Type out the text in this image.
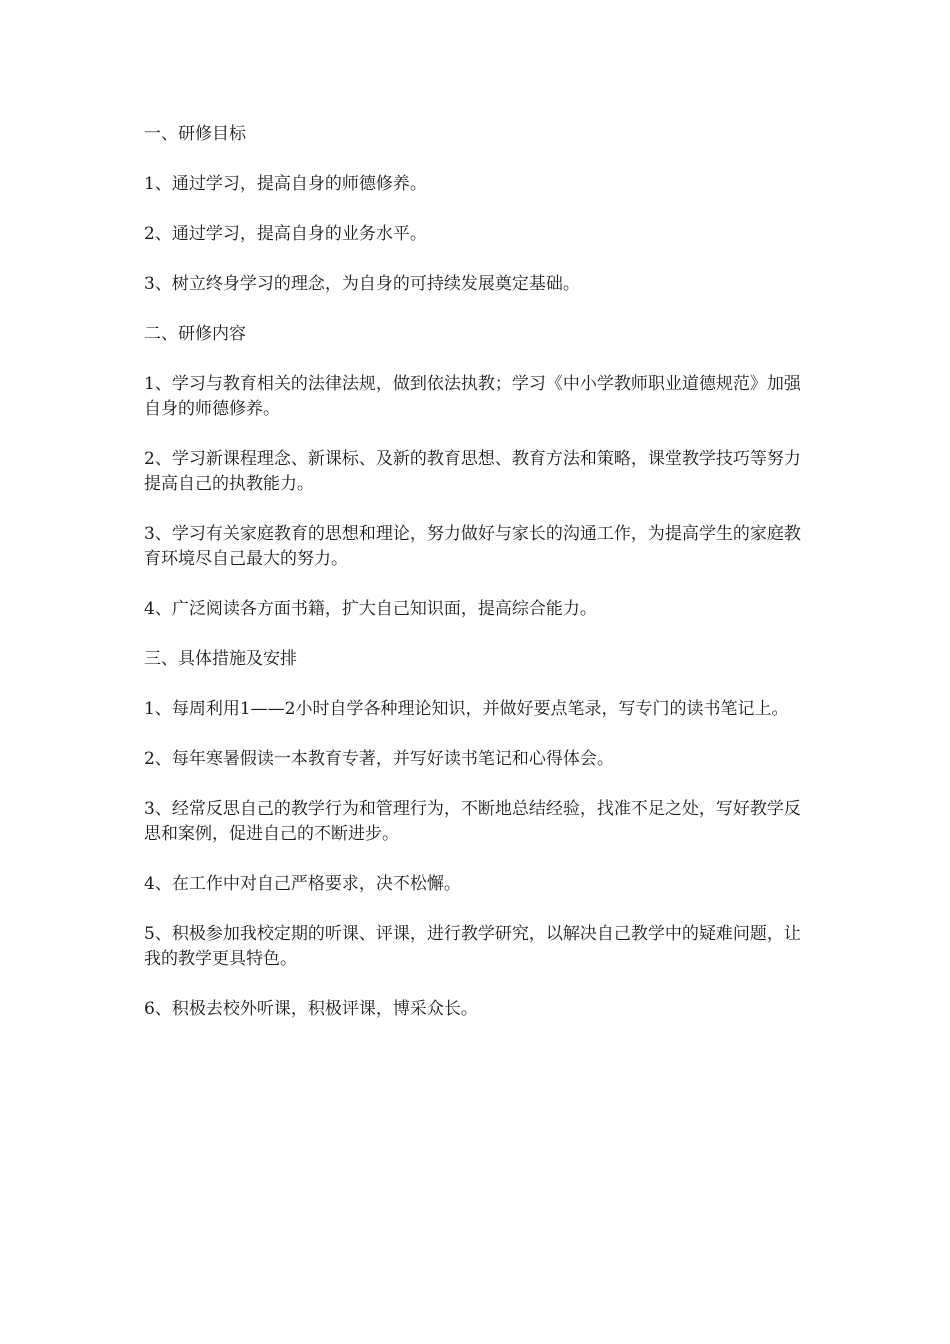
一、研修目标

1、通过学习，提高自身的师德修养。

2、通过学习，提高自身的业务水平。

3、树立终身学习的理念，为自身的可持续发展奠定基础。

二、研修内容

1、学习与教育相关的法律法规，做到依法执教；学习《中小学教师职业道德规范》加强自身的师德修养。

2、学习新课程理念、新课标、及新的教育思想、教育方法和策略，课堂教学技巧等努力提高自己的执教能力。

3、学习有关家庭教育的思想和理论，努力做好与家长的沟通工作，为提高学生的家庭教育环境尽自己最大的努力。

4、广泛阅读各方面书籍，扩大自己知识面，提高综合能力。

三、具体措施及安排

1、每周利用1——2小时自学各种理论知识，并做好要点笔录，写专门的读书笔记上。

2、每年寒暑假读一本教育专著，并写好读书笔记和心得体会。

3、经常反思自己的教学行为和管理行为，不断地总结经验，找准不足之处，写好教学反思和案例，促进自己的不断进步。

4、在工作中对自己严格要求，决不松懈。

5、积极参加我校定期的听课、评课，进行教学研究，以解决自己教学中的疑难问题，让我的教学更具特色。

6、积极去校外听课，积极评课，博采众长。
